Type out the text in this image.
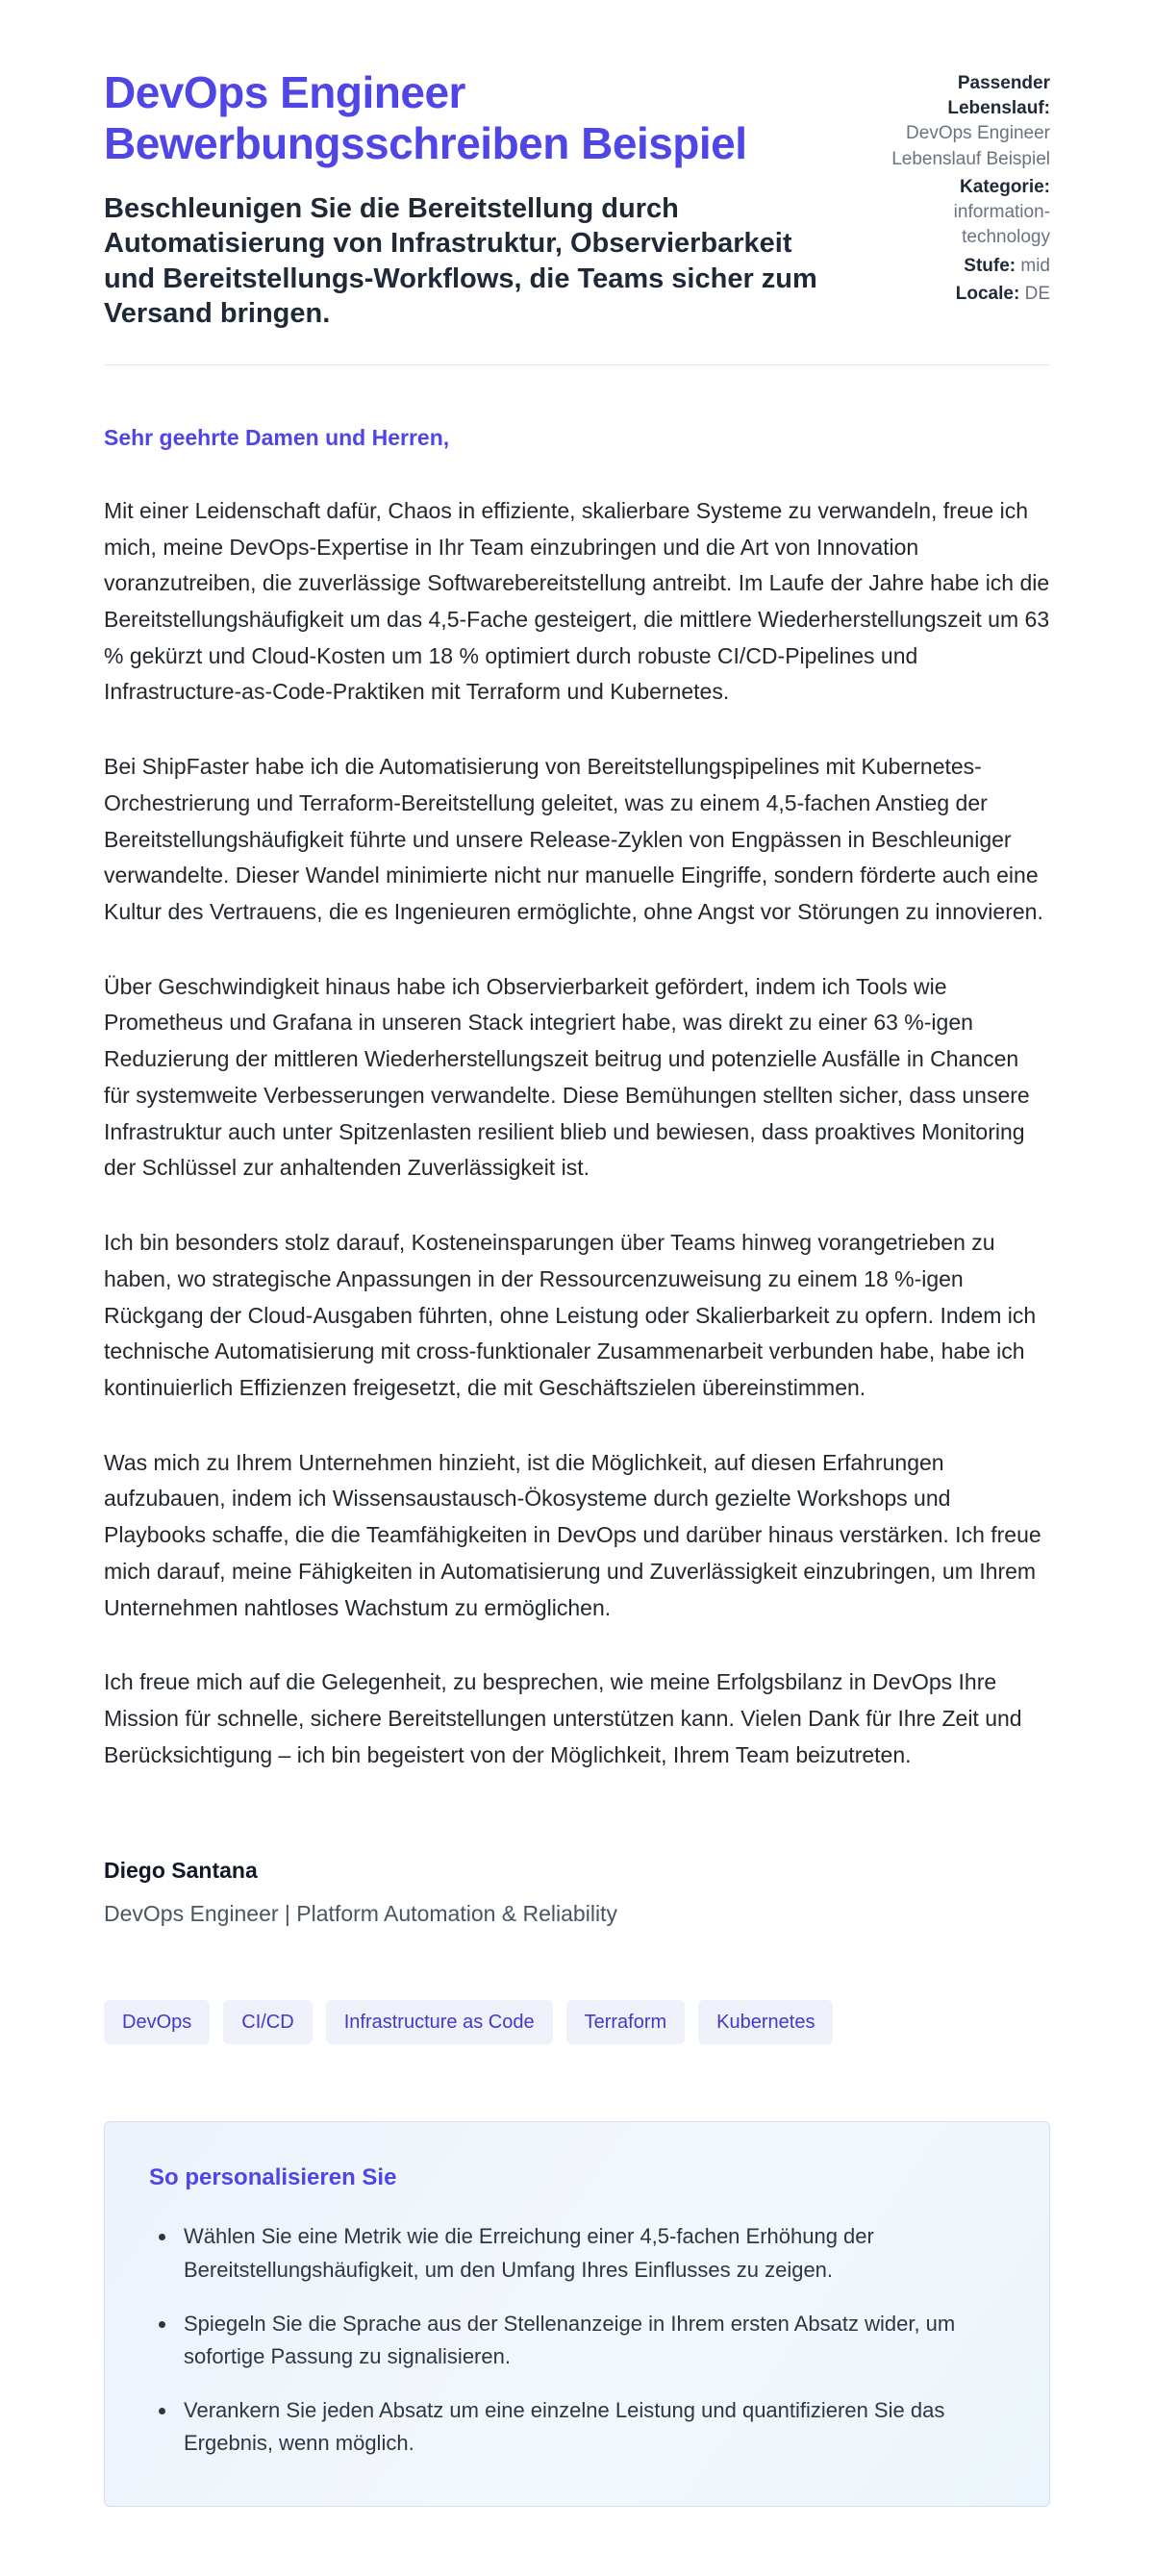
DevOps Engineer Bewerbungsschreiben Beispiel

Beschleunigen Sie die Bereitstellung durch Automatisierung von Infrastruktur, Observierbarkeit und Bereitstellungs-Workflows, die Teams sicher zum Versand bringen.

Passender Lebenslauf: DevOps Engineer Lebenslauf Beispiel
Kategorie: information-technology
Stufe: mid
Locale: DE

Sehr geehrte Damen und Herren,

Mit einer Leidenschaft dafür, Chaos in effiziente, skalierbare Systeme zu verwandeln, freue ich mich, meine DevOps-Expertise in Ihr Team einzubringen und die Art von Innovation voranzutreiben, die zuverlässige Softwarebereitstellung antreibt. Im Laufe der Jahre habe ich die Bereitstellungshäufigkeit um das 4,5-Fache gesteigert, die mittlere Wiederherstellungszeit um 63 % gekürzt und Cloud-Kosten um 18 % optimiert durch robuste CI/CD-Pipelines und Infrastructure-as-Code-Praktiken mit Terraform und Kubernetes.

Bei ShipFaster habe ich die Automatisierung von Bereitstellungspipelines mit Kubernetes-Orchestrierung und Terraform-Bereitstellung geleitet, was zu einem 4,5-fachen Anstieg der Bereitstellungshäufigkeit führte und unsere Release-Zyklen von Engpässen in Beschleuniger verwandelte. Dieser Wandel minimierte nicht nur manuelle Eingriffe, sondern förderte auch eine Kultur des Vertrauens, die es Ingenieuren ermöglichte, ohne Angst vor Störungen zu innovieren.

Über Geschwindigkeit hinaus habe ich Observierbarkeit gefördert, indem ich Tools wie Prometheus und Grafana in unseren Stack integriert habe, was direkt zu einer 63 %-igen Reduzierung der mittleren Wiederherstellungszeit beitrug und potenzielle Ausfälle in Chancen für systemweite Verbesserungen verwandelte. Diese Bemühungen stellten sicher, dass unsere Infrastruktur auch unter Spitzenlasten resilient blieb und bewiesen, dass proaktives Monitoring der Schlüssel zur anhaltenden Zuverlässigkeit ist.

Ich bin besonders stolz darauf, Kosteneinsparungen über Teams hinweg vorangetrieben zu haben, wo strategische Anpassungen in der Ressourcenzuweisung zu einem 18 %-igen Rückgang der Cloud-Ausgaben führten, ohne Leistung oder Skalierbarkeit zu opfern. Indem ich technische Automatisierung mit cross-funktionaler Zusammenarbeit verbunden habe, habe ich kontinuierlich Effizienzen freigesetzt, die mit Geschäftszielen übereinstimmen.

Was mich zu Ihrem Unternehmen hinzieht, ist die Möglichkeit, auf diesen Erfahrungen aufzubauen, indem ich Wissensaustausch-Ökosysteme durch gezielte Workshops und Playbooks schaffe, die die Teamfähigkeiten in DevOps und darüber hinaus verstärken. Ich freue mich darauf, meine Fähigkeiten in Automatisierung und Zuverlässigkeit einzubringen, um Ihrem Unternehmen nahtloses Wachstum zu ermöglichen.

Ich freue mich auf die Gelegenheit, zu besprechen, wie meine Erfolgsbilanz in DevOps Ihre Mission für schnelle, sichere Bereitstellungen unterstützen kann. Vielen Dank für Ihre Zeit und Berücksichtigung – ich bin begeistert von der Möglichkeit, Ihrem Team beizutreten.

Diego Santana

DevOps Engineer | Platform Automation & Reliability

DevOps	CI/CD	Infrastructure as Code	Terraform	Kubernetes
So personalisieren Sie
• Wählen Sie eine Metrik wie die Erreichung einer 4,5-fachen Erhöhung der Bereitstellungshäufigkeit, um den Umfang Ihres Einflusses zu zeigen.
• Spiegeln Sie die Sprache aus der Stellenanzeige in Ihrem ersten Absatz wider, um sofortige Passung zu signalisieren.
• Verankern Sie jeden Absatz um eine einzelne Leistung und quantifizieren Sie das Ergebnis, wenn möglich.
